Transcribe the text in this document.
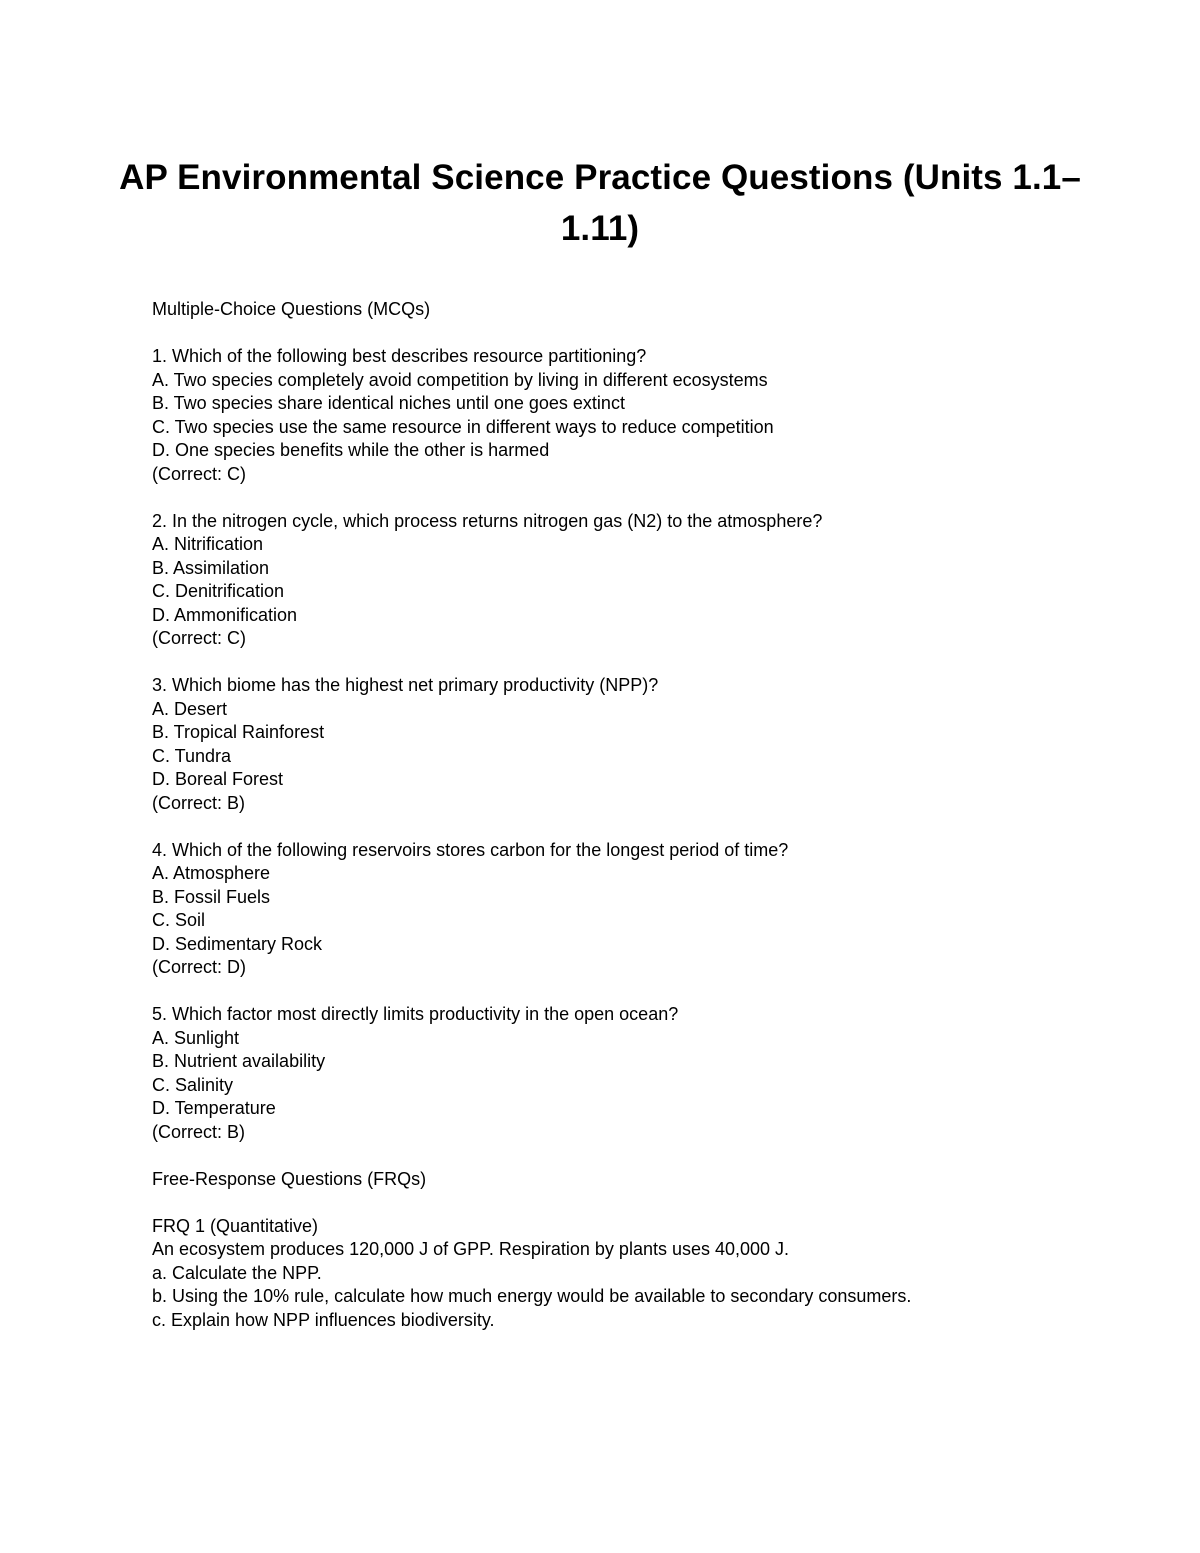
AP Environmental Science Practice Questions (Units 1.1–1.11)
Multiple-Choice Questions (MCQs)
1. Which of the following best describes resource partitioning?
A. Two species completely avoid competition by living in different ecosystems
B. Two species share identical niches until one goes extinct
C. Two species use the same resource in different ways to reduce competition
D. One species benefits while the other is harmed
(Correct: C)
2. In the nitrogen cycle, which process returns nitrogen gas (N2) to the atmosphere?
A. Nitrification
B. Assimilation
C. Denitrification
D. Ammonification
(Correct: C)
3. Which biome has the highest net primary productivity (NPP)?
A. Desert
B. Tropical Rainforest
C. Tundra
D. Boreal Forest
(Correct: B)
4. Which of the following reservoirs stores carbon for the longest period of time?
A. Atmosphere
B. Fossil Fuels
C. Soil
D. Sedimentary Rock
(Correct: D)
5. Which factor most directly limits productivity in the open ocean?
A. Sunlight
B. Nutrient availability
C. Salinity
D. Temperature
(Correct: B)
Free-Response Questions (FRQs)
FRQ 1 (Quantitative)
An ecosystem produces 120,000 J of GPP. Respiration by plants uses 40,000 J.
a. Calculate the NPP.
b. Using the 10% rule, calculate how much energy would be available to secondary consumers.
c. Explain how NPP influences biodiversity.
